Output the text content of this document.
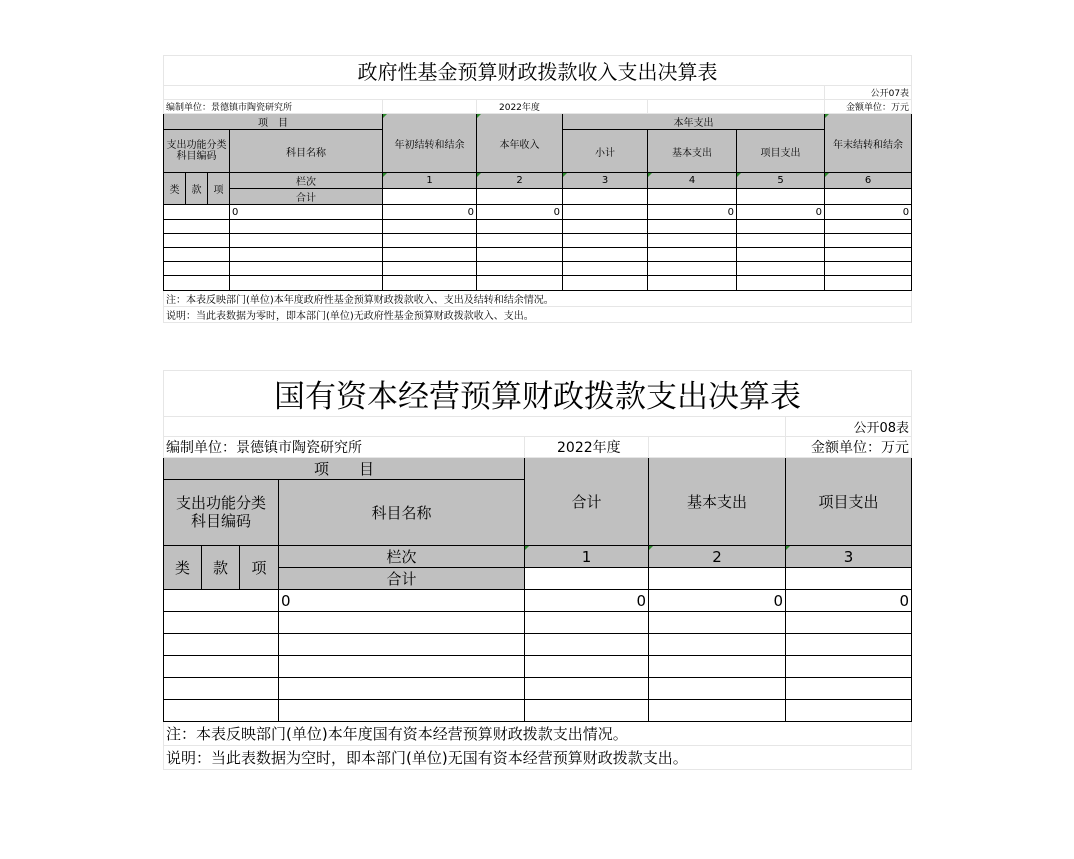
政府性基金预算财政拨款收入支出决算表									
									公开07表
编制单位：景德镇市陶瓷研究所					2022年度				金额单位：万元
项　目				年初结转和结余	本年收入	本年支出			年末结转和结余
支出功能分类科目编码			科目名称			小计	基本支出	项目支出	

类	款	项	栏次	1	2	3	4	5	6
			合计						
			0	0	0		0	0	0

注：本表反映部门(单位)本年度政府性基金预算财政拨款收入、支出及结转和结余情况。									
说明：当此表数据为零时，即本部门(单位)无政府性基金预算财政拨款收入、支出。									
国有资本经营预算财政拨款支出决算表						
						公开08表
编制单位：景德镇市陶瓷研究所				2022年度		金额单位：万元
项　　目				合计	基本支出	项目支出
支出功能分类科目编码			科目名称			
类	款	项	栏次	1	2	3
			合计			
			0	0	0	0

注：本表反映部门(单位)本年度国有资本经营预算财政拨款支出情况。						
说明：当此表数据为空时，即本部门(单位)无国有资本经营预算财政拨款支出。						
